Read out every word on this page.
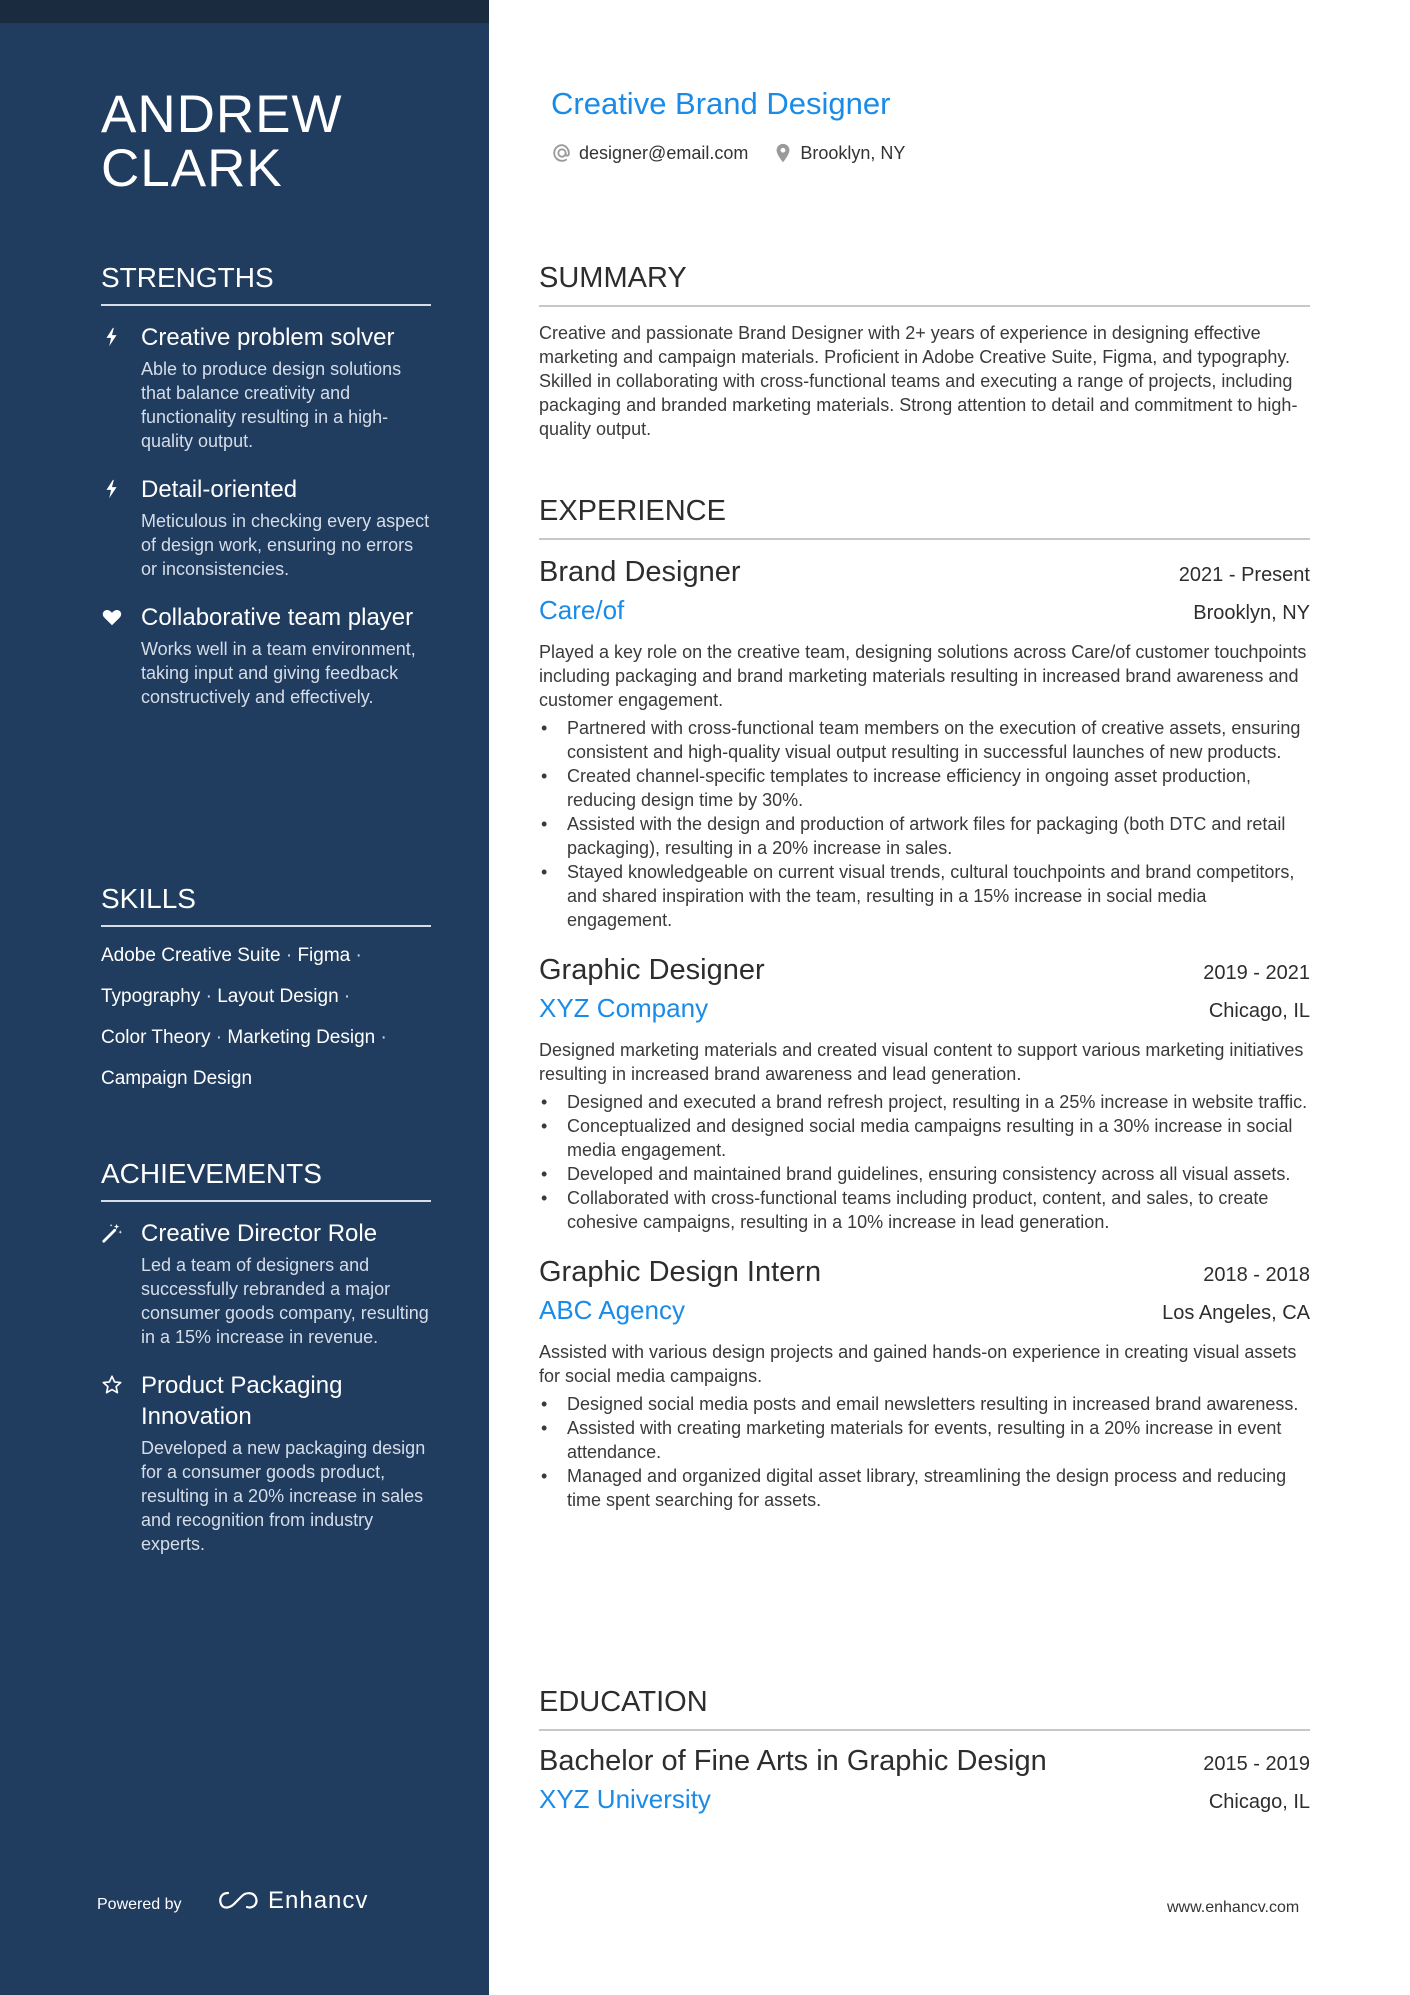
ANDREW
CLARK
STRENGTHS
Creative problem solver
Able to produce design solutions that balance creativity and functionality resulting in a high-quality output.
Detail-oriented
Meticulous in checking every aspect of design work, ensuring no errors or inconsistencies.
Collaborative team player
Works well in a team environment, taking input and giving feedback constructively and effectively.
SKILLS
Adobe Creative Suite · Figma ·
Typography · Layout Design ·
Color Theory · Marketing Design ·
Campaign Design
ACHIEVEMENTS
Creative Director Role
Led a team of designers and successfully rebranded a major consumer goods company, resulting in a 15% increase in revenue.
Product Packaging Innovation
Developed a new packaging design for a consumer goods product, resulting in a 20% increase in sales and recognition from industry experts.
Powered by	Enhancv
Creative Brand Designer
designer@email.com	Brooklyn, NY
SUMMARY
Creative and passionate Brand Designer with 2+ years of experience in designing effective marketing and campaign materials. Proficient in Adobe Creative Suite, Figma, and typography. Skilled in collaborating with cross-functional teams and executing a range of projects, including packaging and branded marketing materials. Strong attention to detail and commitment to high-quality output.
EXPERIENCE
Brand Designer	2021 - Present
Care/of	Brooklyn, NY
Played a key role on the creative team, designing solutions across Care/of customer touchpoints including packaging and brand marketing materials resulting in increased brand awareness and customer engagement.
• Partnered with cross-functional team members on the execution of creative assets, ensuring consistent and high-quality visual output resulting in successful launches of new products.
• Created channel-specific templates to increase efficiency in ongoing asset production, reducing design time by 30%.
• Assisted with the design and production of artwork files for packaging (both DTC and retail packaging), resulting in a 20% increase in sales.
• Stayed knowledgeable on current visual trends, cultural touchpoints and brand competitors, and shared inspiration with the team, resulting in a 15% increase in social media engagement.
Graphic Designer	2019 - 2021
XYZ Company	Chicago, IL
Designed marketing materials and created visual content to support various marketing initiatives resulting in increased brand awareness and lead generation.
• Designed and executed a brand refresh project, resulting in a 25% increase in website traffic.
• Conceptualized and designed social media campaigns resulting in a 30% increase in social media engagement.
• Developed and maintained brand guidelines, ensuring consistency across all visual assets.
• Collaborated with cross-functional teams including product, content, and sales, to create cohesive campaigns, resulting in a 10% increase in lead generation.
Graphic Design Intern	2018 - 2018
ABC Agency	Los Angeles, CA
Assisted with various design projects and gained hands-on experience in creating visual assets for social media campaigns.
• Designed social media posts and email newsletters resulting in increased brand awareness.
• Assisted with creating marketing materials for events, resulting in a 20% increase in event attendance.
• Managed and organized digital asset library, streamlining the design process and reducing time spent searching for assets.
EDUCATION
Bachelor of Fine Arts in Graphic Design	2015 - 2019
XYZ University	Chicago, IL
www.enhancv.com
